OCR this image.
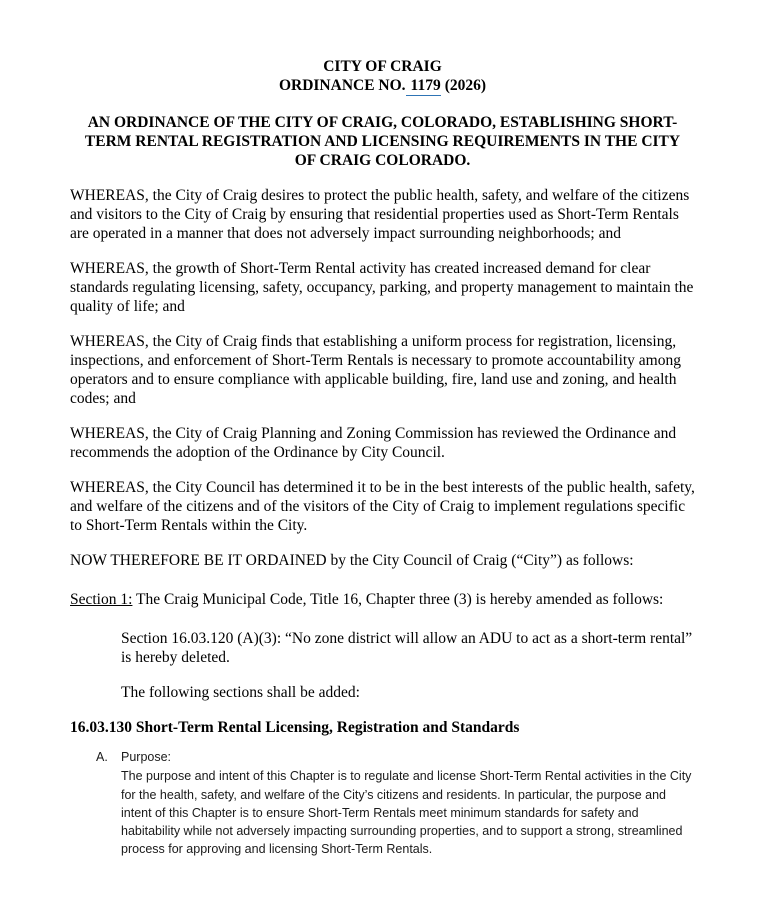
CITY OF CRAIG
ORDINANCE NO. 1179 (2026)
AN ORDINANCE OF THE CITY OF CRAIG, COLORADO, ESTABLISHING SHORT-
TERM RENTAL REGISTRATION AND LICENSING REQUIREMENTS IN THE CITY
OF CRAIG COLORADO.

WHEREAS, the City of Craig desires to protect the public health, safety, and welfare of the citizens and visitors to the City of Craig by ensuring that residential properties used as Short-Term Rentals are operated in a manner that does not adversely impact surrounding neighborhoods; and

WHEREAS, the growth of Short-Term Rental activity has created increased demand for clear standards regulating licensing, safety, occupancy, parking, and property management to maintain the quality of life; and

WHEREAS, the City of Craig finds that establishing a uniform process for registration, licensing, inspections, and enforcement of Short-Term Rentals is necessary to promote accountability among operators and to ensure compliance with applicable building, fire, land use and zoning, and health codes; and

WHEREAS, the City of Craig Planning and Zoning Commission has reviewed the Ordinance and recommends the adoption of the Ordinance by City Council.

WHEREAS, the City Council has determined it to be in the best interests of the public health, safety, and welfare of the citizens and of the visitors of the City of Craig to implement regulations specific to Short-Term Rentals within the City.

NOW THEREFORE BE IT ORDAINED by the City Council of Craig (“City”) as follows:

Section 1: The Craig Municipal Code, Title 16, Chapter three (3) is hereby amended as follows:

Section 16.03.120 (A)(3): “No zone district will allow an ADU to act as a short-term rental” is hereby deleted.

The following sections shall be added:

16.03.130 Short-Term Rental Licensing, Registration and Standards

A. Purpose:
The purpose and intent of this Chapter is to regulate and license Short-Term Rental activities in the City for the health, safety, and welfare of the City’s citizens and residents. In particular, the purpose and intent of this Chapter is to ensure Short-Term Rentals meet minimum standards for safety and habitability while not adversely impacting surrounding properties, and to support a strong, streamlined process for approving and licensing Short-Term Rentals.
